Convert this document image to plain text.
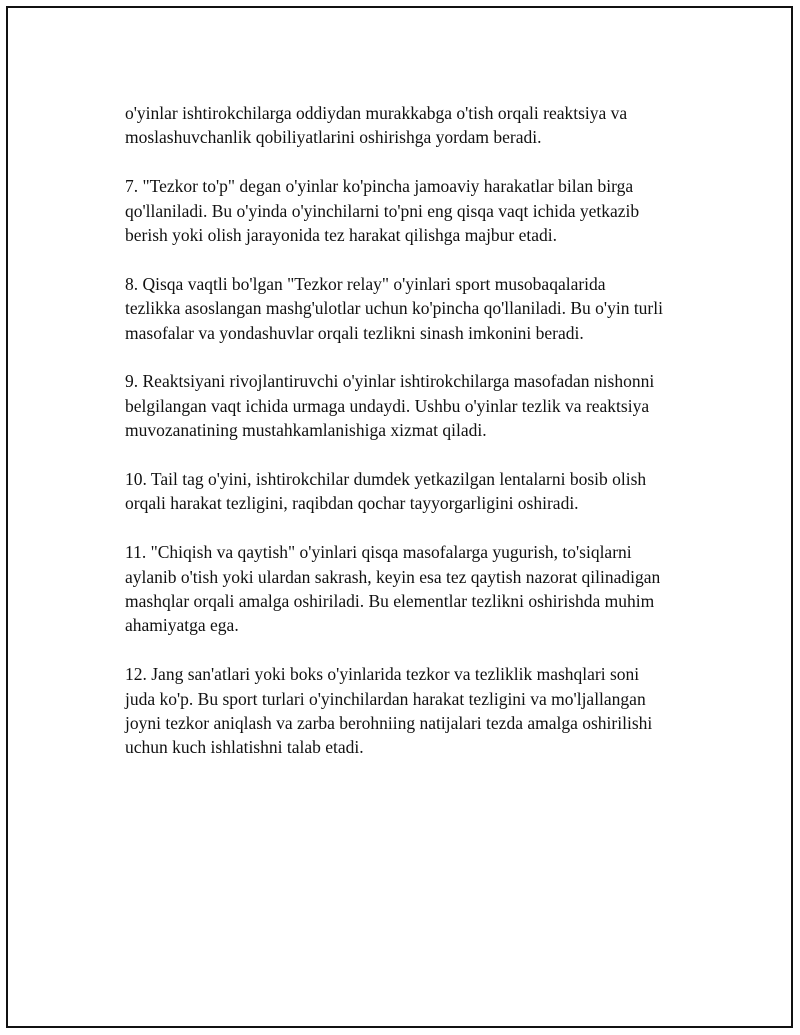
o'yinlar ishtirokchilarga oddiydan murakkabga o'tish orqali reaktsiya va
moslashuvchanlik qobiliyatlarini oshirishga yordam beradi.

7. "Tezkor to'p" degan o'yinlar ko'pincha jamoaviy harakatlar bilan birga
qo'llaniladi. Bu o'yinda o'yinchilarni to'pni eng qisqa vaqt ichida yetkazib
berish yoki olish jarayonida tez harakat qilishga majbur etadi.

8. Qisqa vaqtli bo'lgan "Tezkor relay" o'yinlari sport musobaqalarida
tezlikka asoslangan mashg'ulotlar uchun ko'pincha qo'llaniladi. Bu o'yin turli
masofalar va yondashuvlar orqali tezlikni sinash imkonini beradi.

9. Reaktsiyani rivojlantiruvchi o'yinlar ishtirokchilarga masofadan nishonni
belgilangan vaqt ichida urmaga undaydi. Ushbu o'yinlar tezlik va reaktsiya
muvozanatining mustahkamlanishiga xizmat qiladi.

10. Tail tag o'yini, ishtirokchilar dumdek yetkazilgan lentalarni bosib olish
orqali harakat tezligini, raqibdan qochar tayyorgarligini oshiradi.

11. "Chiqish va qaytish" o'yinlari qisqa masofalarga yugurish, to'siqlarni
aylanib o'tish yoki ulardan sakrash, keyin esa tez qaytish nazorat qilinadigan
mashqlar orqali amalga oshiriladi. Bu elementlar tezlikni oshirishda muhim
ahamiyatga ega.

12. Jang san'atlari yoki boks o'yinlarida tezkor va tezliklik mashqlari soni
juda ko'p. Bu sport turlari o'yinchilardan harakat tezligini va mo'ljallangan
joyni tezkor aniqlash va zarba berohniing natijalari tezda amalga oshirilishi
uchun kuch ishlatishni talab etadi.
